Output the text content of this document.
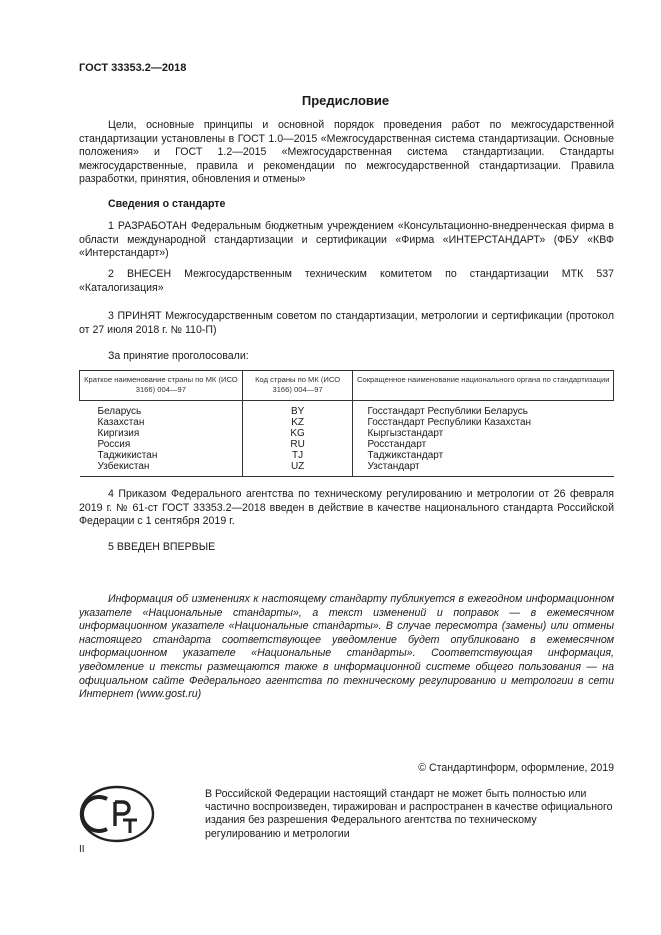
ГОСТ 33353.2—2018
Предисловие
Цели, основные принципы и основной порядок проведения работ по межгосударственной стандартизации установлены в ГОСТ 1.0—2015 «Межгосударственная система стандартизации. Основные положения» и ГОСТ 1.2—2015 «Межгосударственная система стандартизации. Стандарты межгосударственные, правила и рекомендации по межгосударственной стандартизации. Правила разработки, принятия, обновления и отмены»
Сведения о стандарте
1 РАЗРАБОТАН Федеральным бюджетным учреждением «Консультационно-внедренческая фирма в области международной стандартизации и сертификации «Фирма «ИНТЕРСТАНДАРТ» (ФБУ «КВФ «Интерстандарт»)
2 ВНЕСЕН Межгосударственным техническим комитетом по стандартизации МТК 537 «Каталогизация»
3 ПРИНЯТ Межгосударственным советом по стандартизации, метрологии и сертификации (протокол от 27 июля 2018 г. № 110-П)
За принятие проголосовали:
Краткое наименование страны по МК (ИСО 3166) 004—97	Код страны по МК (ИСО 3166) 004—97	Сокращенное наименование национального органа по стандартизации
Беларусь	BY	Госстандарт Республики Беларусь
Казахстан	KZ	Госстандарт Республики Казахстан
Киргизия	KG	Кыргызстандарт
Россия	RU	Росстандарт
Таджикистан	TJ	Таджикстандарт
Узбекистан	UZ	Узстандарт
4 Приказом Федерального агентства по техническому регулированию и метрологии от 26 февраля 2019 г. № 61-ст ГОСТ 33353.2—2018 введен в действие в качестве национального стандарта Российской Федерации с 1 сентября 2019 г.
5 ВВЕДЕН ВПЕРВЫЕ
Информация об изменениях к настоящему стандарту публикуется в ежегодном информационном указателе «Национальные стандарты», а текст изменений и поправок — в ежемесячном информационном указателе «Национальные стандарты». В случае пересмотра (замены) или отмены настоящего стандарта соответствующее уведомление будет опубликовано в ежемесячном информационном указателе «Национальные стандарты». Соответствующая информация, уведомление и тексты размещаются также в информационной системе общего пользования — на официальном сайте Федерального агентства по техническому регулированию и метрологии в сети Интернет (www.gost.ru)
© Стандартинформ, оформление, 2019
В Российской Федерации настоящий стандарт не может быть полностью или частично воспроизведен, тиражирован и распространен в качестве официального издания без разрешения Федерального агентства по техническому регулированию и метрологии
II
